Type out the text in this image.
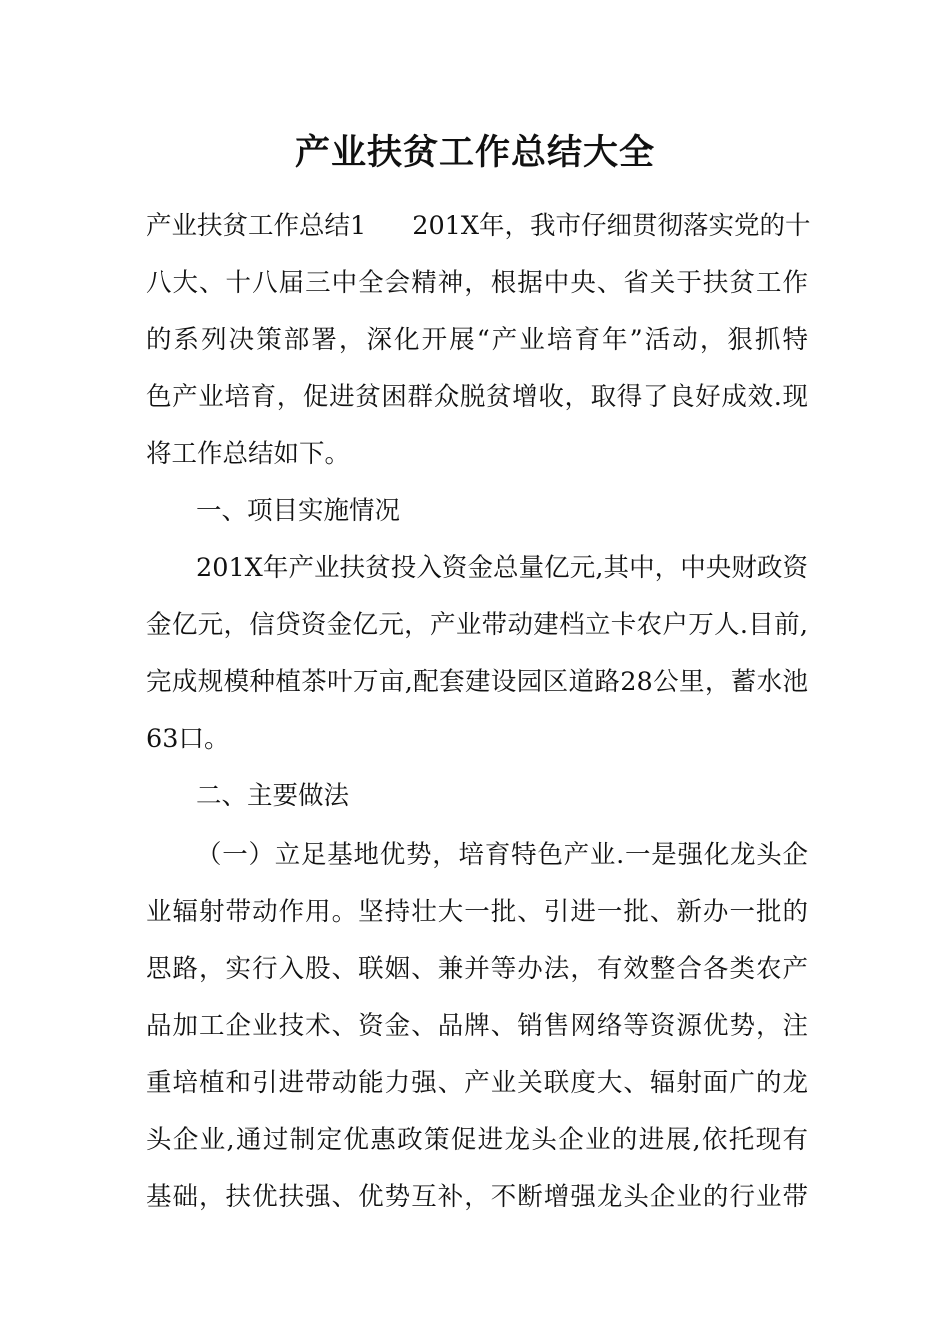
产业扶贫工作总结大全
产业扶贫工作总结1 201X年，我市仔细贯彻落实党的十
八大、十八届三中全会精神，根据中央、省关于扶贫工作
的系列决策部署，深化开展“产业培育年”活动，狠抓特
色产业培育，促进贫困群众脱贫增收，取得了良好成效.现
将工作总结如下。
一、项目实施情况
201X年产业扶贫投入资金总量亿元,其中，中央财政资
金亿元，信贷资金亿元，产业带动建档立卡农户万人.目前,
完成规模种植茶叶万亩,配套建设园区道路28公里，蓄水池
63口。
二、主要做法
（一）立足基地优势，培育特色产业.一是强化龙头企
业辐射带动作用。坚持壮大一批、引进一批、新办一批的
思路，实行入股、联姻、兼并等办法，有效整合各类农产
品加工企业技术、资金、品牌、销售网络等资源优势，注
重培植和引进带动能力强、产业关联度大、辐射面广的龙
头企业,通过制定优惠政策促进龙头企业的进展,依托现有
基础，扶优扶强、优势互补，不断增强龙头企业的行业带
